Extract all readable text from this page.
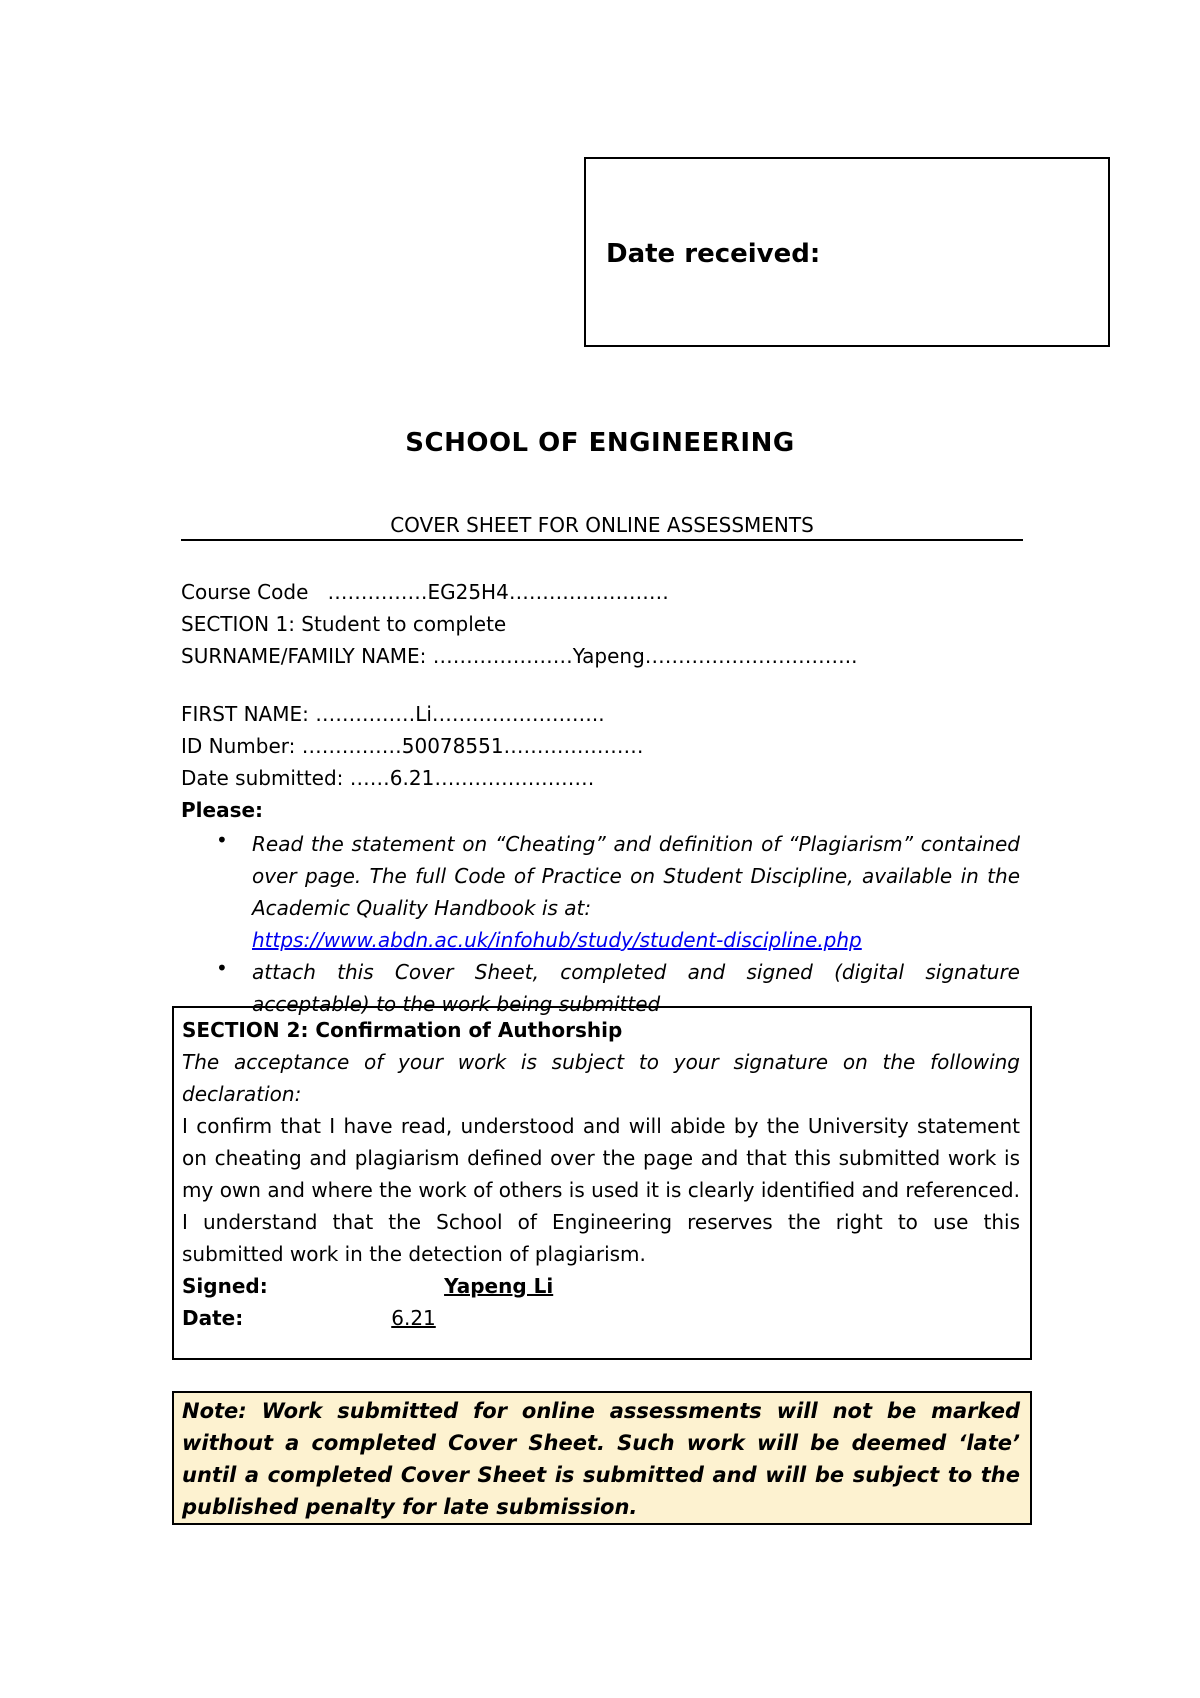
Date received:
SCHOOL OF ENGINEERING
COVER SHEET FOR ONLINE ASSESSMENTS
Course Code ……………EG25H4……………………
SECTION 1: Student to complete
SURNAME/FAMILY NAME: …………………Yapeng…………………………..
FIRST NAME: ……………Li……………………..
ID Number: ……………50078551…………………
Date submitted: ……6.21……………………
Please:
• Read the statement on “Cheating” and definition of “Plagiarism” contained over page. The full Code of Practice on Student Discipline, available in the Academic Quality Handbook is at:
https://www.abdn.ac.uk/infohub/study/student-discipline.php
• attach this Cover Sheet, completed and signed (digital signature acceptable) to the work being submitted
SECTION 2: Confirmation of Authorship
The acceptance of your work is subject to your signature on the following declaration:
I confirm that I have read, understood and will abide by the University statement on cheating and plagiarism defined over the page and that this submitted work is my own and where the work of others is used it is clearly identified and referenced. I understand that the School of Engineering reserves the right to use this submitted work in the detection of plagiarism.
Signed:	Yapeng Li
Date:	6.21
Note: Work submitted for online assessments will not be marked without a completed Cover Sheet. Such work will be deemed ‘late’ until a completed Cover Sheet is submitted and will be subject to the published penalty for late submission.
